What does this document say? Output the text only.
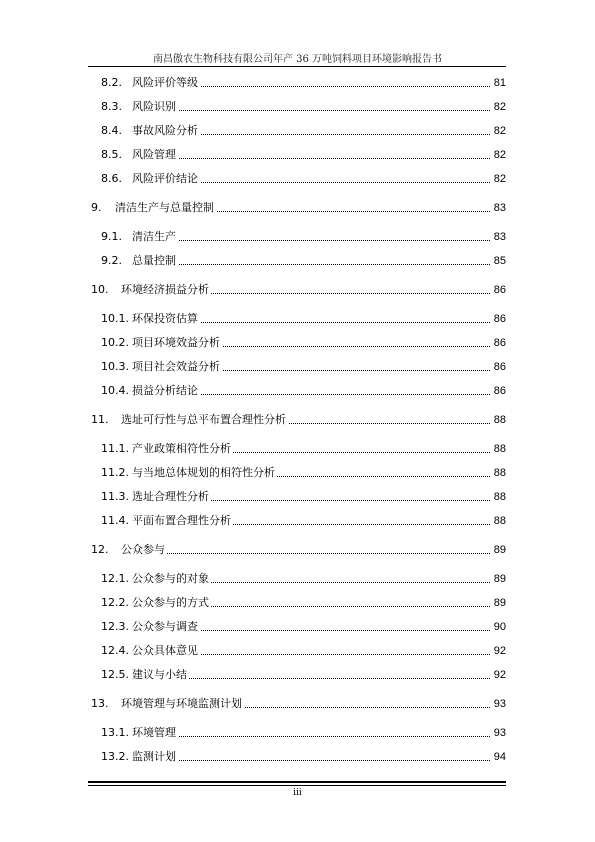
南昌傲农生物科技有限公司年产 36 万吨饲料项目环境影响报告书
8.2. 风险评价等级	81
8.3. 风险识别	82
8.4. 事故风险分析	82
8.5. 风险管理	82
8.6. 风险评价结论	82
9. 清洁生产与总量控制	83
9.1. 清洁生产	83
9.2. 总量控制	85
10. 环境经济损益分析	86
10.1. 环保投资估算	86
10.2. 项目环境效益分析	86
10.3. 项目社会效益分析	86
10.4. 损益分析结论	86
11. 选址可行性与总平布置合理性分析	88
11.1. 产业政策相符性分析	88
11.2. 与当地总体规划的相符性分析	88
11.3. 选址合理性分析	88
11.4. 平面布置合理性分析	88
12. 公众参与	89
12.1. 公众参与的对象	89
12.2. 公众参与的方式	89
12.3. 公众参与调查	90
12.4. 公众具体意见	92
12.5. 建议与小结	92
13. 环境管理与环境监测计划	93
13.1. 环境管理	93
13.2. 监测计划	94
iii
